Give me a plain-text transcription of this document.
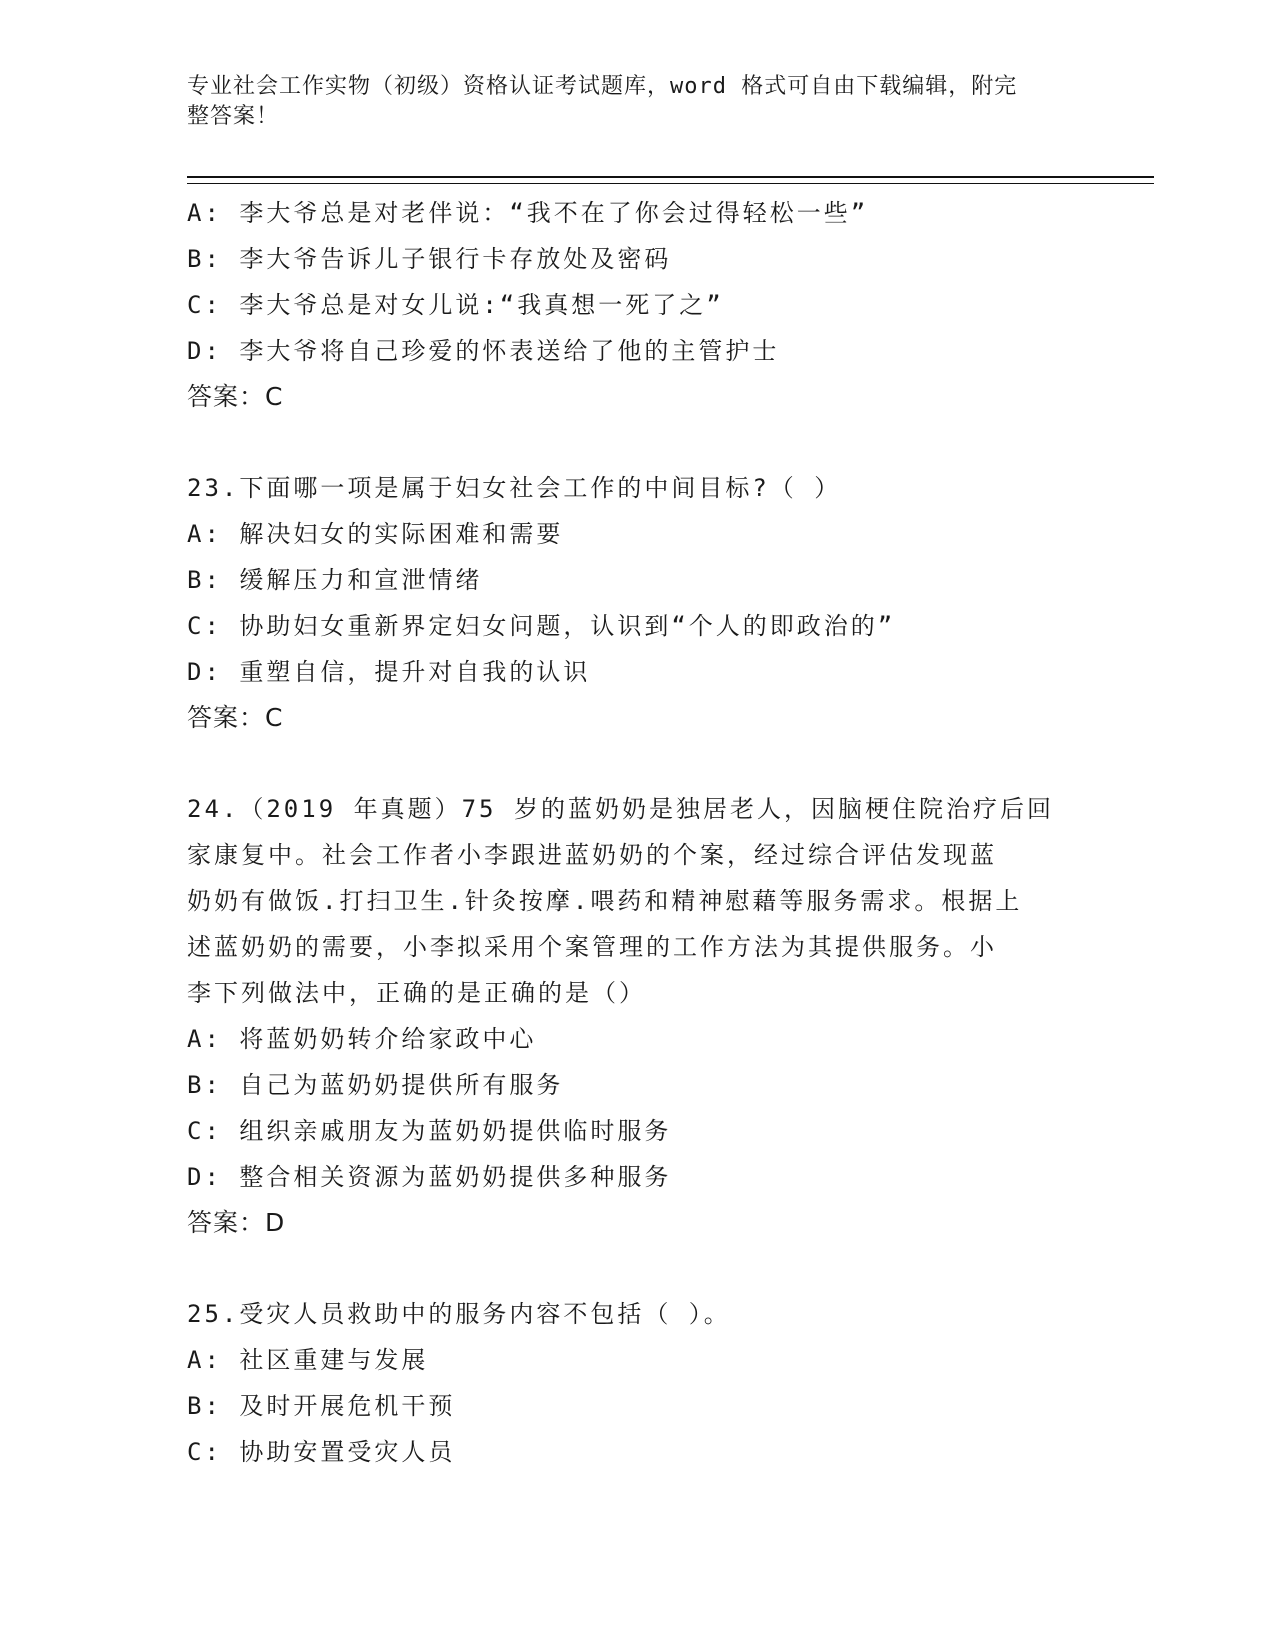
专业社会工作实物（初级）资格认证考试题库，word 格式可自由下载编辑，附完
整答案！
A: 李大爷总是对老伴说：“我不在了你会过得轻松一些”
B: 李大爷告诉儿子银行卡存放处及密码
C: 李大爷总是对女儿说:“我真想一死了之”
D: 李大爷将自己珍爱的怀表送给了他的主管护士
答案：C
23.下面哪一项是属于妇女社会工作的中间目标?（ ）
A: 解决妇女的实际困难和需要
B: 缓解压力和宣泄情绪
C: 协助妇女重新界定妇女问题，认识到“个人的即政治的”
D: 重塑自信，提升对自我的认识
答案：C
24.（2019 年真题）75 岁的蓝奶奶是独居老人，因脑梗住院治疗后回
家康复中。社会工作者小李跟进蓝奶奶的个案，经过综合评估发现蓝
奶奶有做饭.打扫卫生.针灸按摩.喂药和精神慰藉等服务需求。根据上
述蓝奶奶的需要，小李拟采用个案管理的工作方法为其提供服务。小
李下列做法中，正确的是正确的是（）
A: 将蓝奶奶转介给家政中心
B: 自己为蓝奶奶提供所有服务
C: 组织亲戚朋友为蓝奶奶提供临时服务
D: 整合相关资源为蓝奶奶提供多种服务
答案：D
25.受灾人员救助中的服务内容不包括（ ）。
A: 社区重建与发展
B: 及时开展危机干预
C: 协助安置受灾人员
